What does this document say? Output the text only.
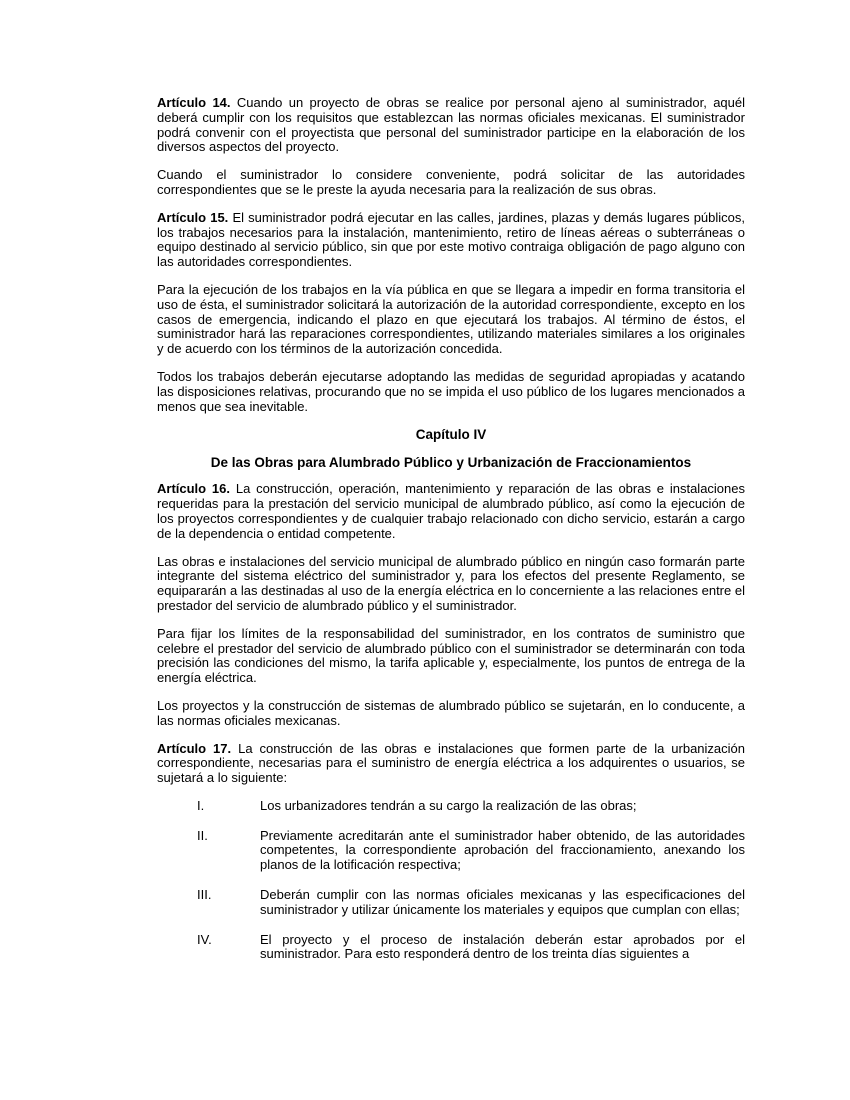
Artículo 14. Cuando un proyecto de obras se realice por personal ajeno al suministrador, aquél deberá cumplir con los requisitos que establezcan las normas oficiales mexicanas. El suministrador podrá convenir con el proyectista que personal del suministrador participe en la elaboración de los diversos aspectos del proyecto.

Cuando el suministrador lo considere conveniente, podrá solicitar de las autoridades correspondientes que se le preste la ayuda necesaria para la realización de sus obras.

Artículo 15. El suministrador podrá ejecutar en las calles, jardines, plazas y demás lugares públicos, los trabajos necesarios para la instalación, mantenimiento, retiro de líneas aéreas o subterráneas o equipo destinado al servicio público, sin que por este motivo contraiga obligación de pago alguno con las autoridades correspondientes.

Para la ejecución de los trabajos en la vía pública en que se llegara a impedir en forma transitoria el uso de ésta, el suministrador solicitará la autorización de la autoridad correspondiente, excepto en los casos de emergencia, indicando el plazo en que ejecutará los trabajos. Al término de éstos, el suministrador hará las reparaciones correspondientes, utilizando materiales similares a los originales y de acuerdo con los términos de la autorización concedida.

Todos los trabajos deberán ejecutarse adoptando las medidas de seguridad apropiadas y acatando las disposiciones relativas, procurando que no se impida el uso público de los lugares mencionados a menos que sea inevitable.

Capítulo IV

De las Obras para Alumbrado Público y Urbanización de Fraccionamientos

Artículo 16. La construcción, operación, mantenimiento y reparación de las obras e instalaciones requeridas para la prestación del servicio municipal de alumbrado público, así como la ejecución de los proyectos correspondientes y de cualquier trabajo relacionado con dicho servicio, estarán a cargo de la dependencia o entidad competente.

Las obras e instalaciones del servicio municipal de alumbrado público en ningún caso formarán parte integrante del sistema eléctrico del suministrador y, para los efectos del presente Reglamento, se equipararán a las destinadas al uso de la energía eléctrica en lo concerniente a las relaciones entre el prestador del servicio de alumbrado público y el suministrador.

Para fijar los límites de la responsabilidad del suministrador, en los contratos de suministro que celebre el prestador del servicio de alumbrado público con el suministrador se determinarán con toda precisión las condiciones del mismo, la tarifa aplicable y, especialmente, los puntos de entrega de la energía eléctrica.

Los proyectos y la construcción de sistemas de alumbrado público se sujetarán, en lo conducente, a las normas oficiales mexicanas.

Artículo 17. La construcción de las obras e instalaciones que formen parte de la urbanización correspondiente, necesarias para el suministro de energía eléctrica a los adquirentes o usuarios, se sujetará a lo siguiente:

I.	Los urbanizadores tendrán a su cargo la realización de las obras;
II.	Previamente acreditarán ante el suministrador haber obtenido, de las autoridades competentes, la correspondiente aprobación del fraccionamiento, anexando los planos de la lotificación respectiva;
III.	Deberán cumplir con las normas oficiales mexicanas y las especificaciones del suministrador y utilizar únicamente los materiales y equipos que cumplan con ellas;
IV.	El proyecto y el proceso de instalación deberán estar aprobados por el suministrador. Para esto responderá dentro de los treinta días siguientes a
